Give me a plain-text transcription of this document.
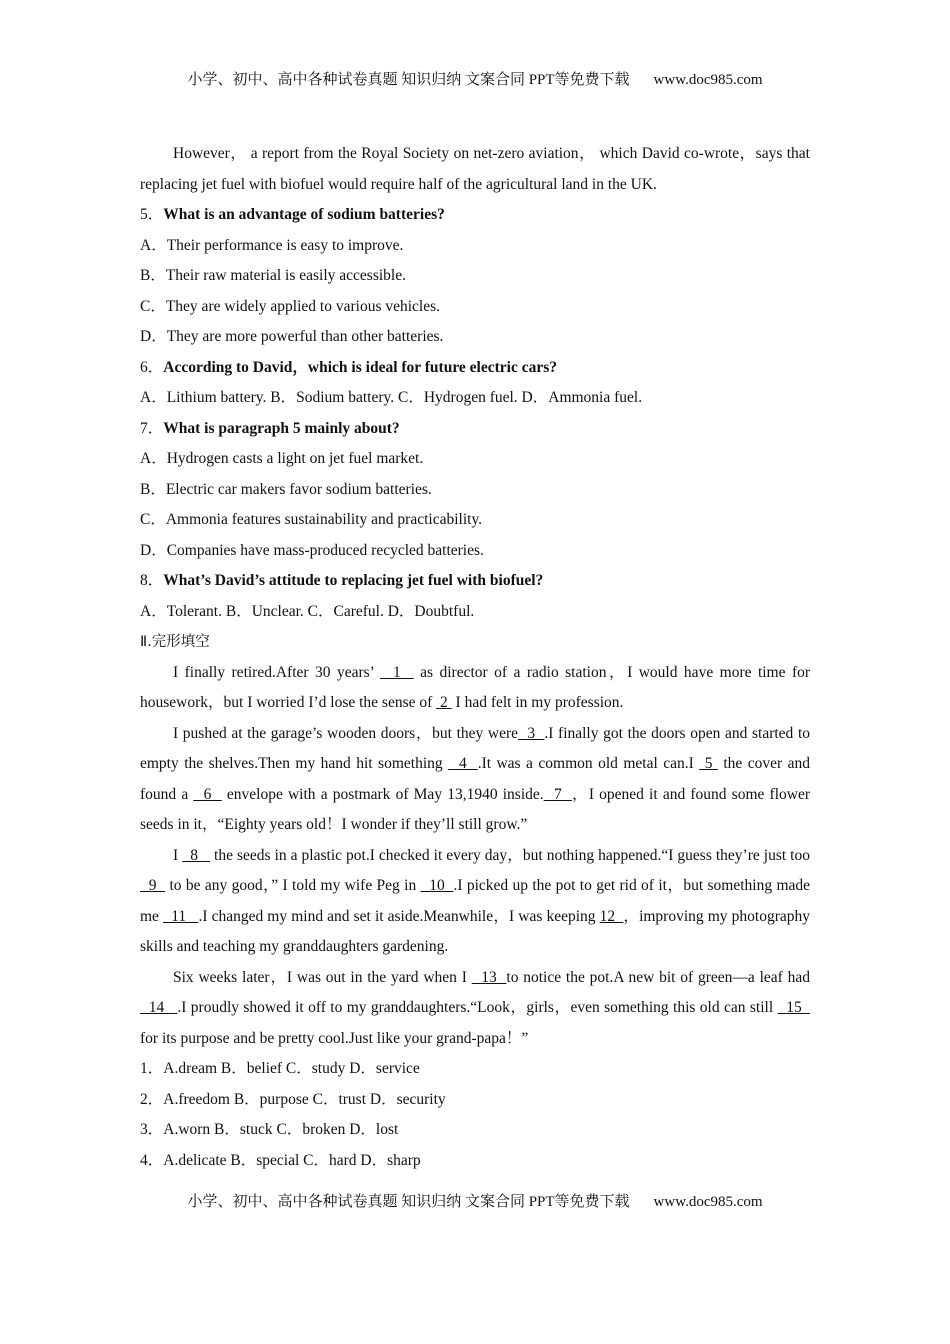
小学、初中、高中各种试卷真题 知识归纳 文案合同 PPT等免费下载 www.doc985.com

However， a report from the Royal Society on net-zero aviation， which David co-wrote，says that replacing jet fuel with biofuel would require half of the agricultural land in the UK.

5．What is an advantage of sodium batteries?

A．Their performance is easy to improve.

B．Their raw material is easily accessible.

C．They are widely applied to various vehicles.

D．They are more powerful than other batteries.

6．According to David，which is ideal for future electric cars?

A．Lithium battery. B．Sodium battery. C．Hydrogen fuel. D．Ammonia fuel.

7．What is paragraph 5 mainly about?

A．Hydrogen casts a light on jet fuel market.

B．Electric car makers favor sodium batteries.

C．Ammonia features sustainability and practicability.

D．Companies have mass-produced recycled batteries.

8．What’s David’s attitude to replacing jet fuel with biofuel?

A．Tolerant. B．Unclear. C．Careful. D．Doubtful.

Ⅱ.完形填空

I finally retired.After 30 years’   1   as director of a radio station，I would have more time for housework，but I worried I’d lose the sense of  2  I had felt in my profession.

I pushed at the garage’s wooden doors，but they were  3  .I finally got the doors open and started to empty the shelves.Then my hand hit something   4  .It was a common old metal can.I  5  the cover and found a   6   envelope with a postmark of May 13,1940 inside.  7  ，I opened it and found some flower seeds in it，“Eighty years old！I wonder if they’ll still grow.”

I   8    the seeds in a plastic pot.I checked it every day，but nothing happened.“I guess they’re just too   9   to be any good，” I told my wife Peg in   10  .I picked up the pot to get rid of it，but something made me   11   .I changed my mind and set it aside.Meanwhile，I was keeping 12  ，improving my photography skills and teaching my granddaughters gardening.

Six weeks later，I was out in the yard when I   13  to notice the pot.A new bit of green—a leaf had   14   .I proudly showed it off to my granddaughters.“Look，girls，even something this old can still   15   for its purpose and be pretty cool.Just like your grand-papa！”

1．A.dream B．belief C．study D．service

2．A.freedom B．purpose C．trust D．security

3．A.worn B．stuck C．broken D．lost

4．A.delicate B．special C．hard D．sharp

小学、初中、高中各种试卷真题 知识归纳 文案合同 PPT等免费下载 www.doc985.com
